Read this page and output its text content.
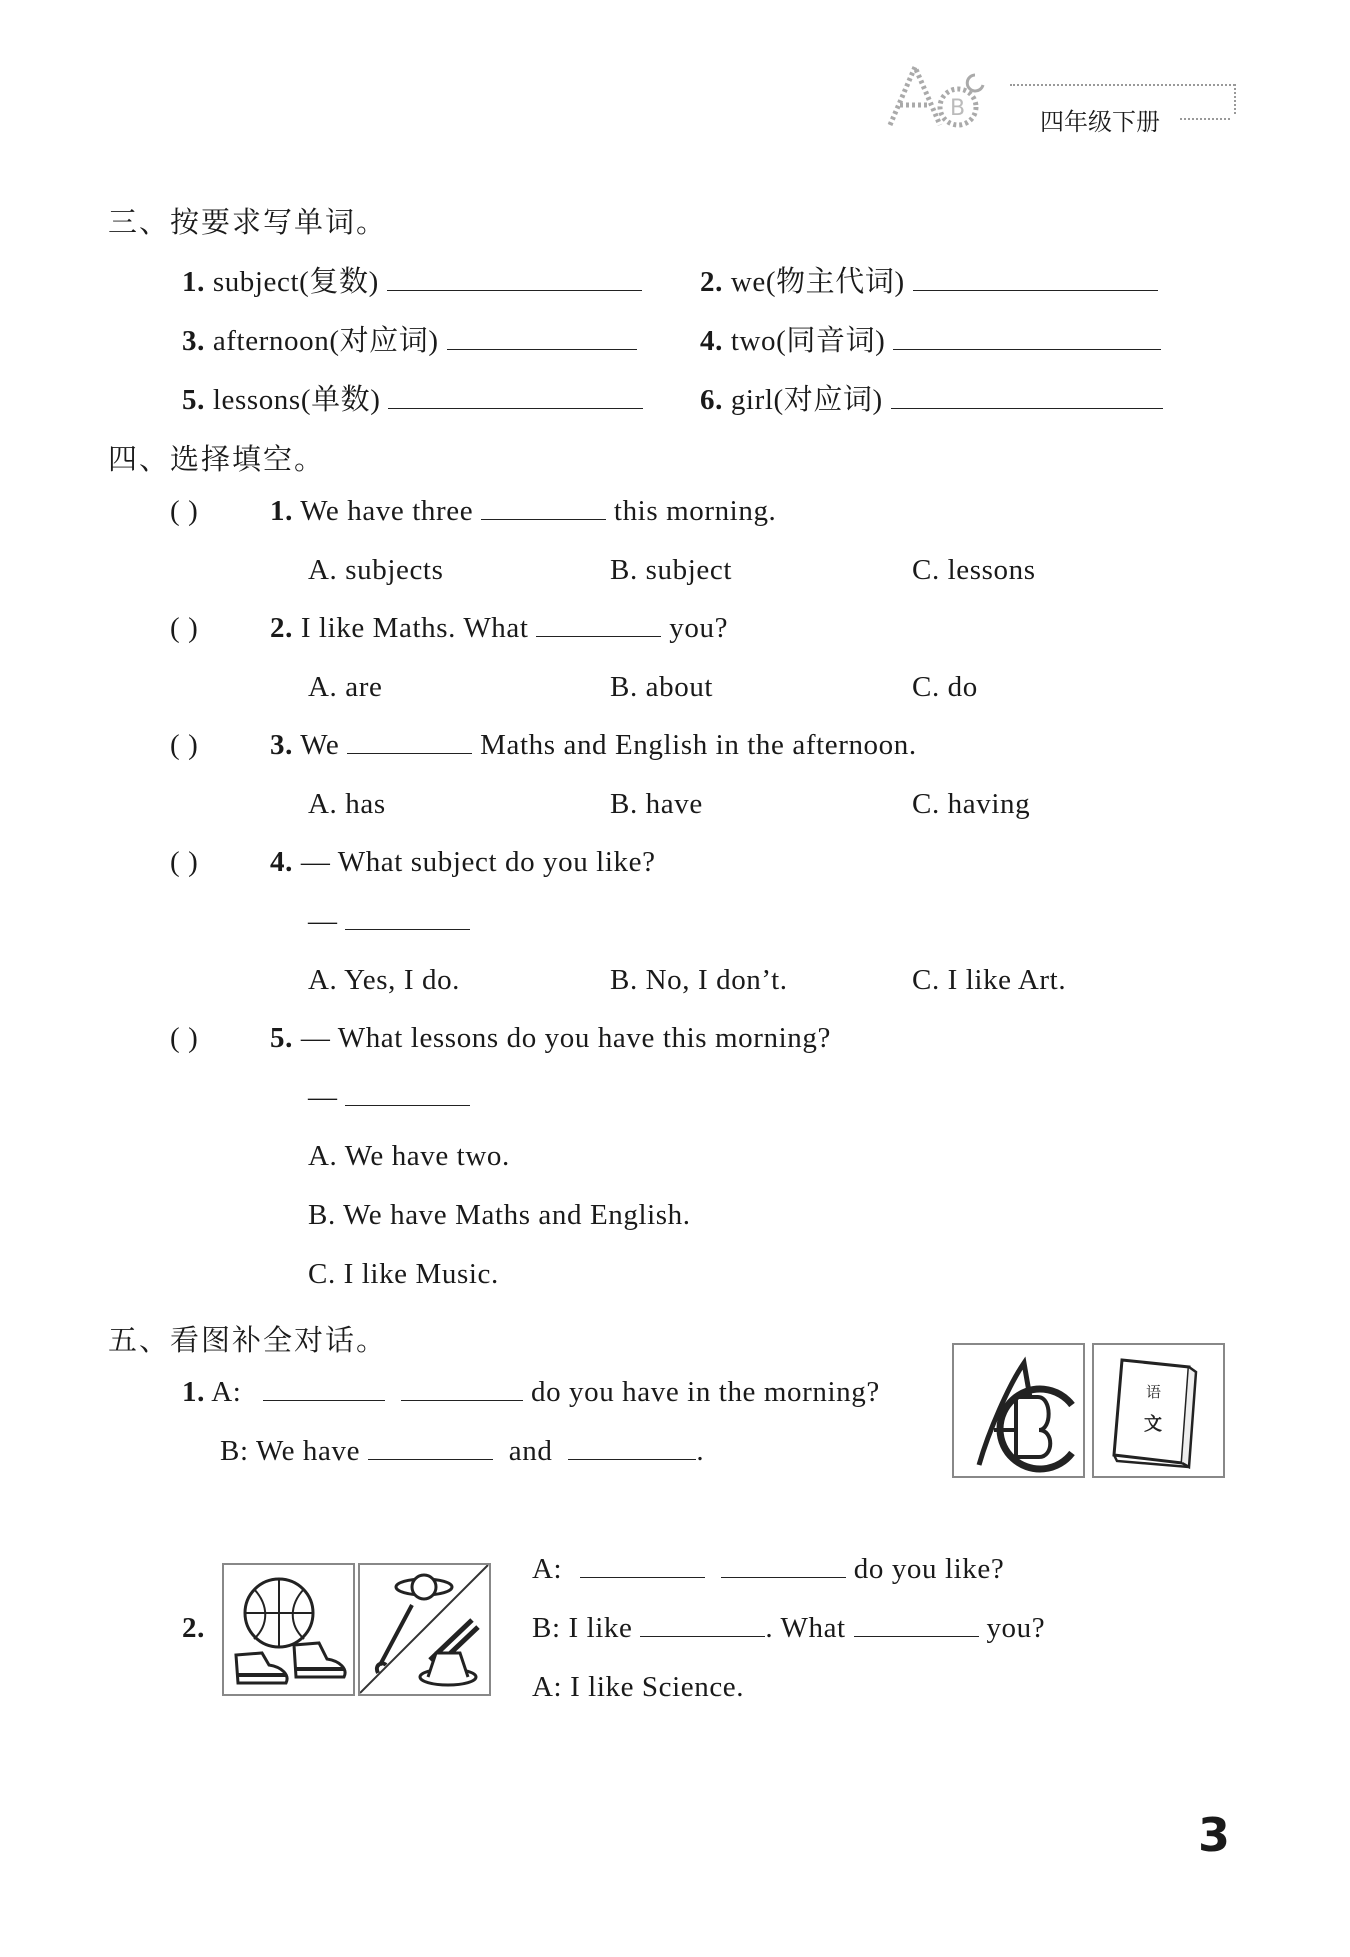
B	四年级下册
三、按要求写单词。
1. subject(复数)	2. we(物主代词)
3. afternoon(对应词)	4. two(同音词)
5. lessons(单数)	6. girl(对应词)
四、选择填空。
( ) 1. We have three	this morning.
A. subjects	B. subject	C. lessons
( ) 2. I like Maths. What	you?
A. are	B. about	C. do
( ) 3. We	Maths and English in the afternoon.
A. has	B. have	C. having
( ) 4. — What subject do you like?
—
A. Yes, I do.	B. No, I don’t.	C. I like Art.
( ) 5. — What lessons do you have this morning?
—
A. We have two.
B. We have Maths and English.
C. I like Music.
五、看图补全对话。
1. A:	do you have in the morning?
B: We have	and	.
语
文
2.
A:	do you like?
B: I like	. What	you?
A: I like Science.
3
